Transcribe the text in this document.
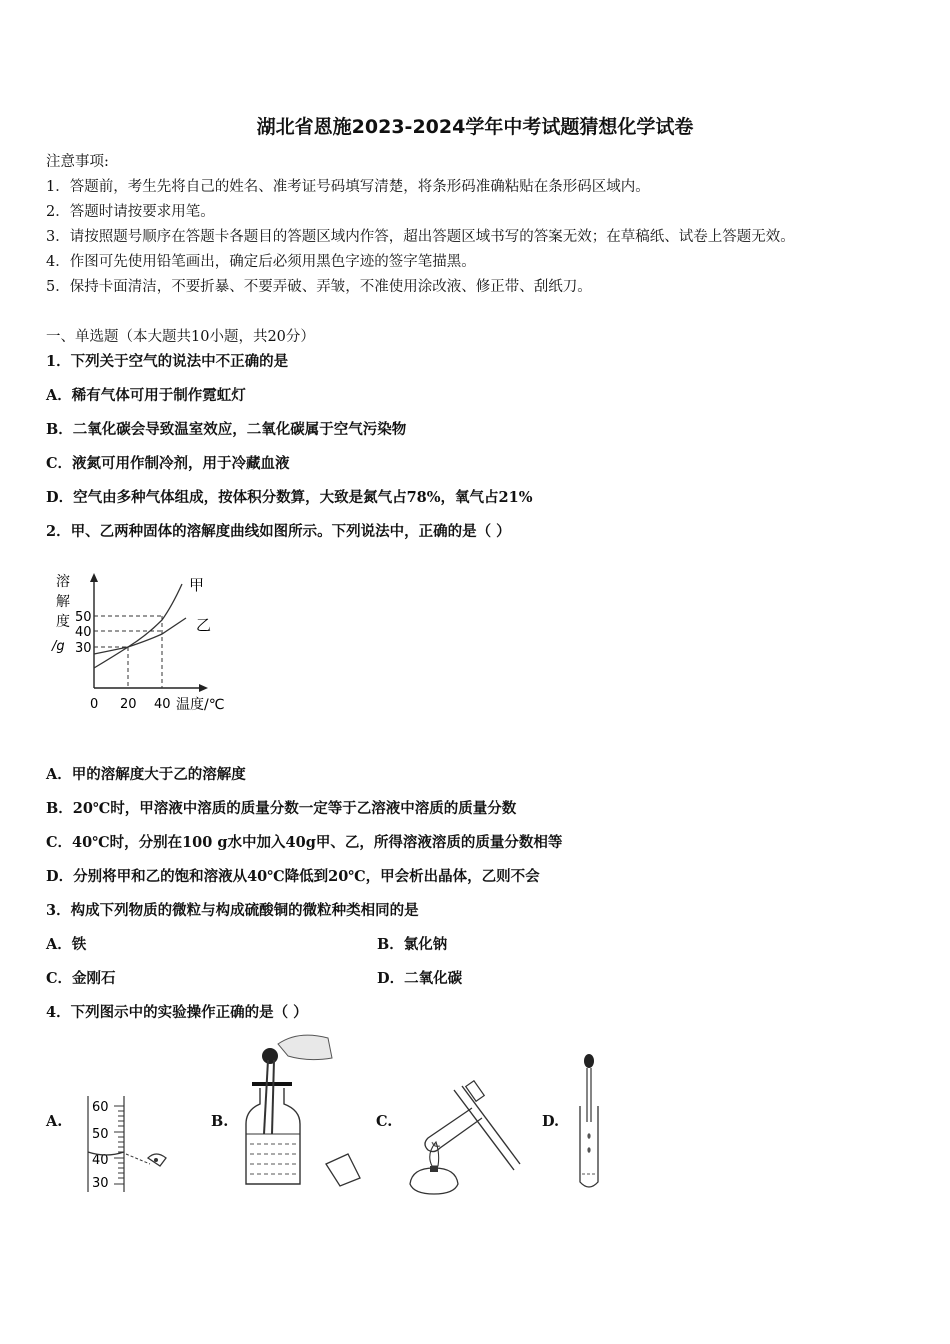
湖北省恩施2023-2024学年中考试题猜想化学试卷
注意事项:
1．答题前，考生先将自己的姓名、准考证号码填写清楚，将条形码准确粘贴在条形码区域内。
2．答题时请按要求用笔。
3．请按照题号顺序在答题卡各题目的答题区域内作答，超出答题区域书写的答案无效；在草稿纸、试卷上答题无效。
4．作图可先使用铅笔画出，确定后必须用黑色字迹的签字笔描黑。
5．保持卡面清洁，不要折暴、不要弄破、弄皱，不准使用涂改液、修正带、刮纸刀。
一、单选题（本大题共10小题，共20分）
1．下列关于空气的说法中不正确的是
A．稀有气体可用于制作霓虹灯
B．二氧化碳会导致温室效应，二氧化碳属于空气污染物
C．液氮可用作制冷剂，用于冷藏血液
D．空气由多种气体组成，按体积分数算，大致是氮气占78%，氧气占21%
2．甲、乙两种固体的溶解度曲线如图所示。下列说法中，正确的是（ ）
溶
解
度
/g
50
40
30
甲
乙
0 20 40 温度/℃
A．甲的溶解度大于乙的溶解度
B．20℃时，甲溶液中溶质的质量分数一定等于乙溶液中溶质的质量分数
C．40℃时，分别在100 g水中加入40g甲、乙，所得溶液溶质的质量分数相等
D．分别将甲和乙的饱和溶液从40℃降低到20℃，甲会析出晶体，乙则不会
3．构成下列物质的微粒与构成硫酸铜的微粒种类相同的是
A．铁	B．氯化钠
C．金刚石	D．二氧化碳
4．下列图示中的实验操作正确的是（ ）
A.	B.	C.	D.
60
50
40
30
